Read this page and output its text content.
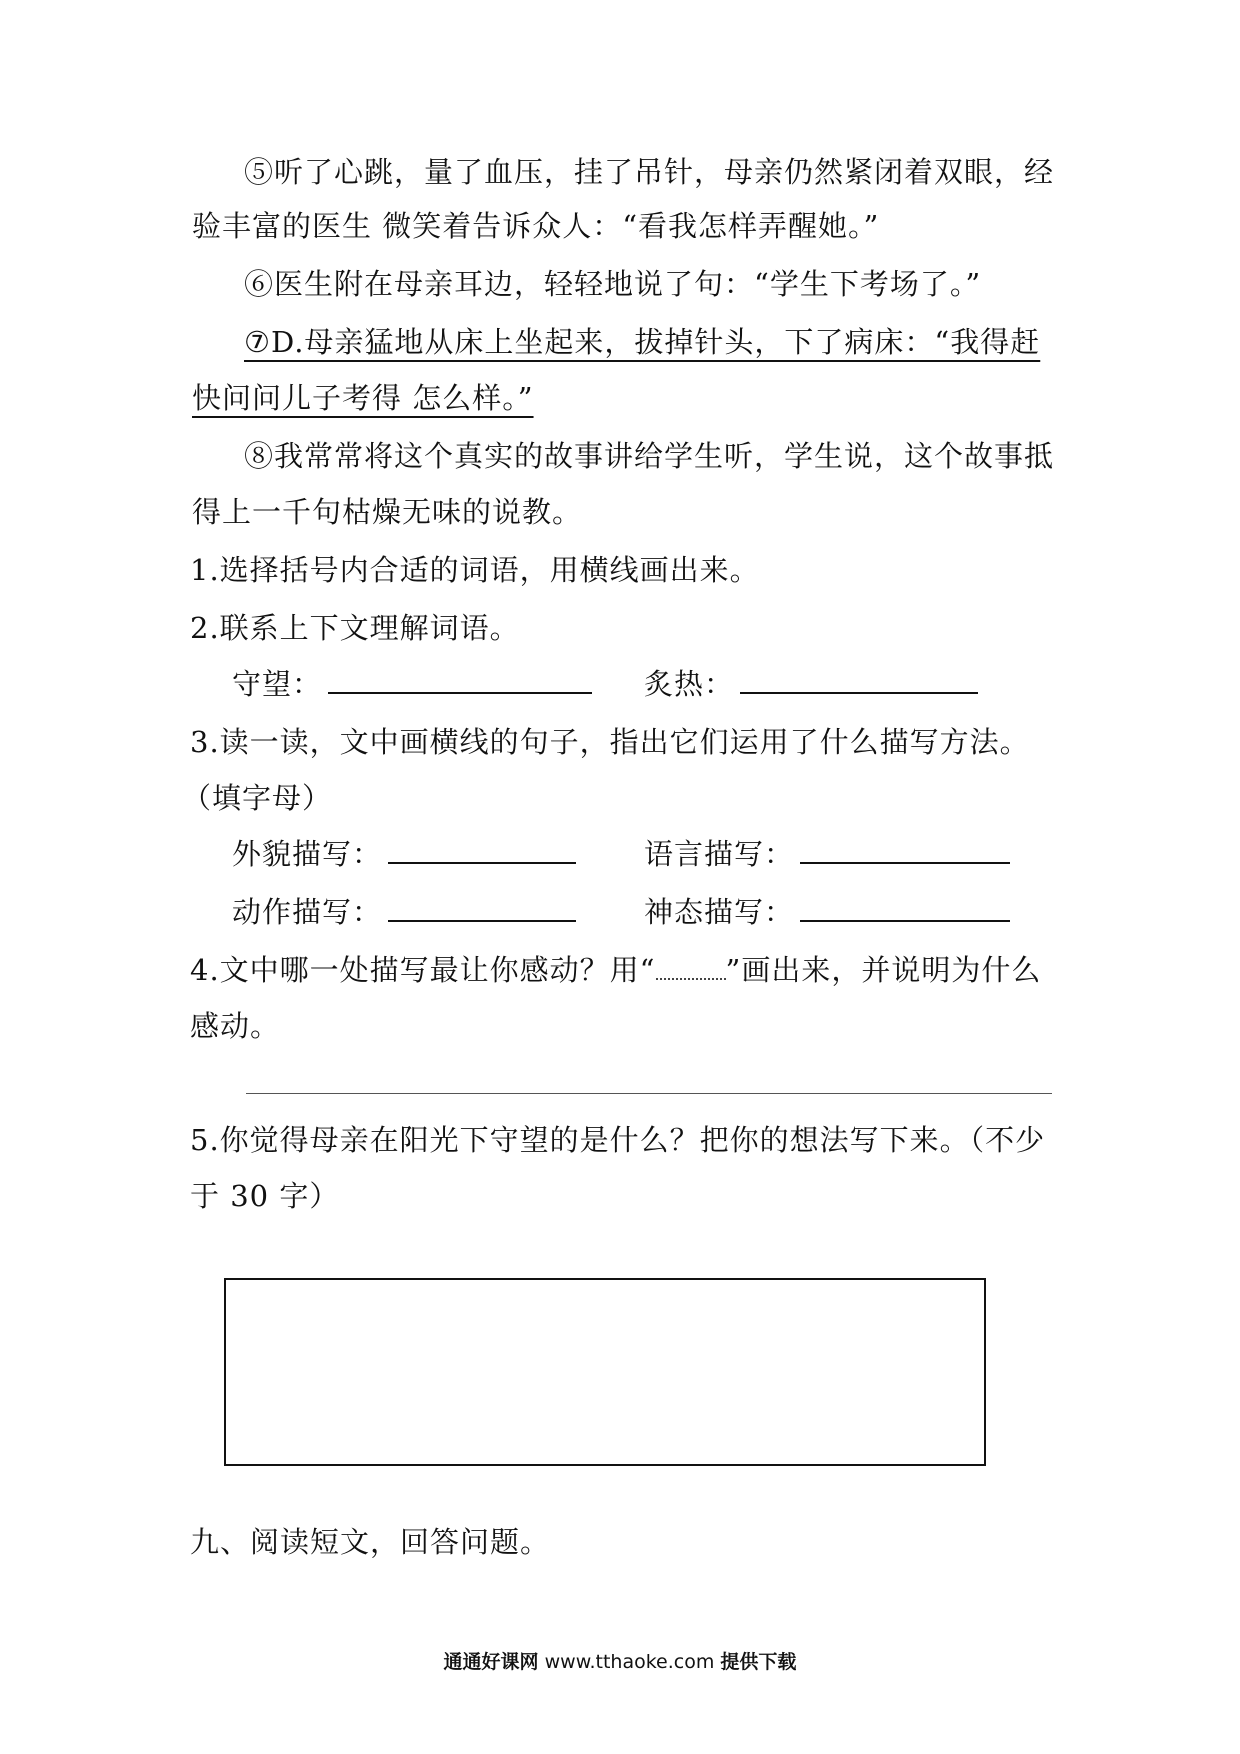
⑤听了心跳，量了血压，挂了吊针，母亲仍然紧闭着双眼，经
验丰富的医生 微笑着告诉众人：“看我怎样弄醒她。”
⑥医生附在母亲耳边，轻轻地说了句：“学生下考场了。”
⑦D.母亲猛地从床上坐起来，拔掉针头，下了病床：“我得赶
快问问儿子考得 怎么样。”
⑧我常常将这个真实的故事讲给学生听，学生说，这个故事抵
得上一千句枯燥无味的说教。
1.选择括号内合适的词语，用横线画出来。
2.联系上下文理解词语。
守望：	炙热：
3.读一读，文中画横线的句子，指出它们运用了什么描写方法。
（填字母）
外貌描写：	语言描写：
动作描写：	神态描写：
4.文中哪一处描写最让你感动？用“ ”画出来，并说明为什么
感动。
5.你觉得母亲在阳光下守望的是什么？把你的想法写下来。（不少
于 30 字）
九、阅读短文，回答问题。
通通好课网 www.tthaoke.com 提供下载
